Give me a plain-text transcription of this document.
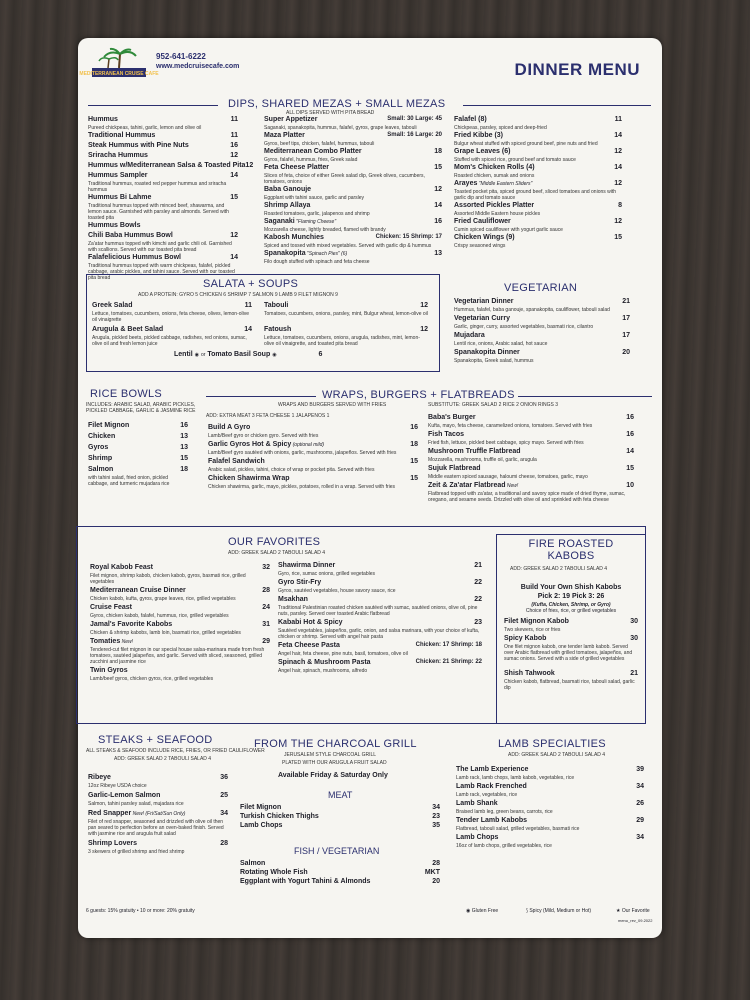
MEDITERRANEAN CRUISE CAFE
952-641-6222
www.medcruisecafe.com	DINNER MENU
DIPS, SHARED MEZAS + SMALL MEZAS
ALL DIPS SERVED WITH PITA BREAD
Hummus	11
Pureed chickpeas, tahini, garlic, lemon and olive oil
Traditional Hummus	11
Steak Hummus with Pine Nuts	16
Sriracha Hummus	12
Hummus w/Mediterranean Salsa & Toasted Pita 12
Hummus Sampler	14
Traditional hummus, roasted red pepper hummus and sriracha hummus
Hummus Bi Lahme	15
Traditional hummus topped with minced beef, shawarma, and lemon sauce. Garnished with parsley and almonds. Served with toasted pita
Hummus Bowls
Chili Baba Hummus Bowl	12
Za'atar hummus topped with kimchi and garlic chili oil. Garnished with scallions. Served with our toasted pita bread
Falafelicious Hummus Bowl	14
Traditional hummus topped with warm chickpeas, falafel, pickled cabbage, arabic pickles, and tahini sauce. Served with our toasted pita bread
Super Appetizer	Small: 30 Large: 45
Saganaki, spanakopita, hummus, falafel, gyros, grape leaves, tabouli
Maza Platter	Small: 16 Large: 20
Gyros, beef tips, chicken, falafel, hummus, tabouli
Mediterranean Combo Platter	18
Gyros, falafel, hummus, fries, Greek salad
Feta Cheese Platter	15
Slices of feta, choice of either Greek salad dip, Greek olives, cucumbers, tomatoes, onions
Baba Ganouje	12
Eggplant with tahini sauce, garlic and parsley
Shrimp Allaya	14
Roasted tomatoes, garlic, jalapenos and shrimp
Saganaki "Flaming Cheese"	16
Mozzarella cheese, lightly breaded, flamed with brandy
Kabosh Munchies	Chicken: 15 Shrimp: 17
Spiced and tossed with mixed vegetables. Served with garlic dip & hummus
Spanakopita "Spinach Pies" (6)	13
Filo dough stuffed with spinach and feta cheese
Falafel (8)	11
Chickpeas, parsley, spiced and deep-fried
Fried Kibbe (3)	14
Bulgur wheat stuffed with spiced ground beef, pine nuts and fried
Grape Leaves (6)	12
Stuffed with spiced rice, ground beef and tomato sauce
Mom's Chicken Rolls (4)	14
Roasted chicken, sumak and onions
Arayes "Middle Eastern Sliders"	12
Toasted pocket pita, spiced ground beef, sliced tomatoes and onions with garlic dip and tomato sauce
Assorted Pickles Platter	8
Assorted Middle Eastern house pickles
Fried Cauliflower	12
Cumin spiced cauliflower with yogurt garlic sauce
Chicken Wings (9)	15
Crispy seasoned wings
SALATA + SOUPS
ADD A PROTEIN: GYRO 5 CHICKEN 6 SHRIMP 7 SALMON 9 LAMB 9 FILET MIGNON 9
Greek Salad	11
Lettuce, tomatoes, cucumbers, onions, feta cheese, olives, lemon-olive oil vinaigrette
Arugula & Beet Salad	14
Arugula, pickled beets, pickled cabbage, radishes, red onions, sumac, olive oil and fresh lemon juice
Tabouli	12
Tomatoes, cucumbers, onions, parsley, mint, Bulgur wheat, lemon-olive oil
Fatoush	12
Lettuce, tomatoes, cucumbers, onions, arugula, radishes, mint, lemon-olive oil vinaigrette, and toasted pita bread
Lentil ◉ or Tomato Basil Soup ◉	6
VEGETARIAN
Vegetarian Dinner	21
Hummus, falafel, baba ganouje, spanakopita, cauliflower, tabouli salad
Vegetarian Curry	17
Garlic, ginger, curry, assorted vegetables, basmati rice, cilantro
Mujadara	17
Lentil rice, onions, Arabic salad, hot sauce
Spanakopita Dinner	20
Spanakopita, Greek salad, hummus
RICE BOWLS
INCLUDES: ARABIC SALAD, ARABIC PICKLES, PICKLED CABBAGE, GARLIC & JASMINE RICE
Filet Mignon	16
Chicken	13
Gyros	13
Shrimp	15
Salmon	18
with tahini salad, fried onion, pickled cabbage, and turmeric mujadara rice
WRAPS, BURGERS + FLATBREADS
WRAPS AND BURGERS SERVED WITH FRIES	SUBSTITUTE: GREEK SALAD 2 RICE 2 ONION RINGS 3
ADD: EXTRA MEAT 3 FETA CHEESE 1 JALAPENOS 1
Build A Gyro	16
Lamb/Beef gyro or chicken gyro. Served with fries
Garlic Gyros Hot & Spicy (optional mild)	18
Lamb/Beef gyro sautéed with onions, garlic, mushrooms, jalapeños. Served with fries
Falafel Sandwich	15
Arabic salad, pickles, tahini, choice of wrap or pocket pita. Served with fries
Chicken Shawirma Wrap	15
Chicken shawirma, garlic, mayo, pickles, potatoes, rolled in a wrap. Served with fries
Baba's Burger	16
Kufta, mayo, feta cheese, caramelized onions, tomatoes. Served with fries
Fish Tacos	16
Fried fish, lettuce, pickled beet cabbage, spicy mayo. Served with fries
Mushroom Truffle Flatbread	14
Mozzarella, mushrooms, truffle oil, garlic, arugula
Sujuk Flatbread	15
Middle eastern spiced sausage, haloumi cheese, tomatoes, garlic, mayo
Zeit & Za'atar Flatbread New!	10
Flatbread topped with za'atar, a traditional and savory spice made of dried thyme, sumac, oregano, and sesame seeds. Drizzled with olive oil and sprinkled with feta cheese
OUR FAVORITES
ADD: GREEK SALAD 2 TABOULI SALAD 4
Royal Kabob Feast	32
Filet mignon, shrimp kabob, chicken kabob, gyros, basmati rice, grilled vegetables
Mediterranean Cruise Dinner	28
Chicken kabob, kufta, gyros, grape leaves, rice, grilled vegetables
Cruise Feast	24
Gyros, chicken kabob, falafel, hummus, rice, grilled vegetables
Jamal's Favorite Kabobs	31
Chicken & shrimp kabobs, lamb loin, basmati rice, grilled vegetables
Tomaties New!	29
Tendered-cut filet mignon in our special house salsa-marinara made from fresh tomatoes, sautéed jalapeños, and garlic. Served with sliced, seasoned, grilled zucchini and jasmine rice
Twin Gyros
Lamb/beef gyros, chicken gyros, rice, grilled vegetables
Shawirma Dinner	21
Gyro, rice, sumac onions, grilled vegetables
Gyro Stir-Fry	22
Gyros, sautéed vegetables, house savory sauce, rice
Msakhan	22
Traditional Palestinian roasted chicken sautéed with sumac, sautéed onions, olive oil, pine nuts, parsley. Served over toasted Arabic flatbread
Kababi Hot & Spicy	23
Sautéed vegetables, jalapeños, garlic, onion, and salsa marinara, with your choice of kufta, chicken or shrimp. Served with angel hair pasta
Feta Cheese Pasta	Chicken: 17 Shrimp: 18
Angel hair, feta cheese, pine nuts, basil, tomatoes, olive oil
Spinach & Mushroom Pasta	Chicken: 21 Shrimp: 22
Angel hair, spinach, mushrooms, alfredo
FIRE ROASTED KABOBS
ADD: GREEK SALAD 2 TABOULI SALAD 4
Build Your Own Shish Kabobs
Pick 2: 19 Pick 3: 26
(Kufta, Chicken, Shrimp, or Gyro)
Choice of fries, rice, or grilled vegetables
Filet Mignon Kabob	30
Two skewers, rice or fries
Spicy Kabob	30
One filet mignon kabob, one tender lamb kabob. Served over Arabic flatbread with grilled tomatoes, jalapeños, and sumac onions. Served with a side of grilled vegetables
Shish Tahwook	21
Chicken kabob, flatbread, basmati rice, tabouli salad, garlic dip
STEAKS + SEAFOOD
ALL STEAKS & SEAFOOD INCLUDE RICE, FRIES, OR FRIED CAULIFLOWER
ADD: GREEK SALAD 2 TABOULI SALAD 4
Ribeye	36
12oz Ribeye USDA choice
Garlic-Lemon Salmon	25
Salmon, tahini parsley salad, mujadara rice
Red Snapper New! (Fri/Sat/Sun Only)	34
Filet of red snapper, seasoned and drizzled with olive oil then pan seared to perfection before an oven-baked finish. Served with jasmine rice and arugula fruit salad
Shrimp Lovers	28
3 skewers of grilled shrimp and fried shrimp
6 guests: 15% gratuity • 10 or more: 20% gratuity
FROM THE CHARCOAL GRILL
JERUSALEM STYLE CHARCOAL GRILL
PLATED WITH OUR ARUGULA FRUIT SALAD
Available Friday & Saturday Only
MEAT
Filet Mignon	34
Turkish Chicken Thighs	23
Lamb Chops	35
FISH / VEGETARIAN
Salmon	28
Rotating Whole Fish	MKT
Eggplant with Yogurt Tahini & Almonds	20
LAMB SPECIALTIES
ADD: GREEK SALAD 2 TABOULI SALAD 4
The Lamb Experience	39
Lamb rack, lamb chops, lamb kabob, vegetables, rice
Lamb Rack Frenched	34
Lamb rack, vegetables, rice
Lamb Shank	26
Braised lamb leg, green beans, carrots, rice
Tender Lamb Kabobs	29
Flatbread, tabouli salad, grilled vegetables, basmati rice
Lamb Chops	34
16oz of lamb chops, grilled vegetables, rice
◉ Gluten Free	⟆ Spicy (Mild, Medium or Hot)	★ Our Favorite
menu_rev_09.2022
